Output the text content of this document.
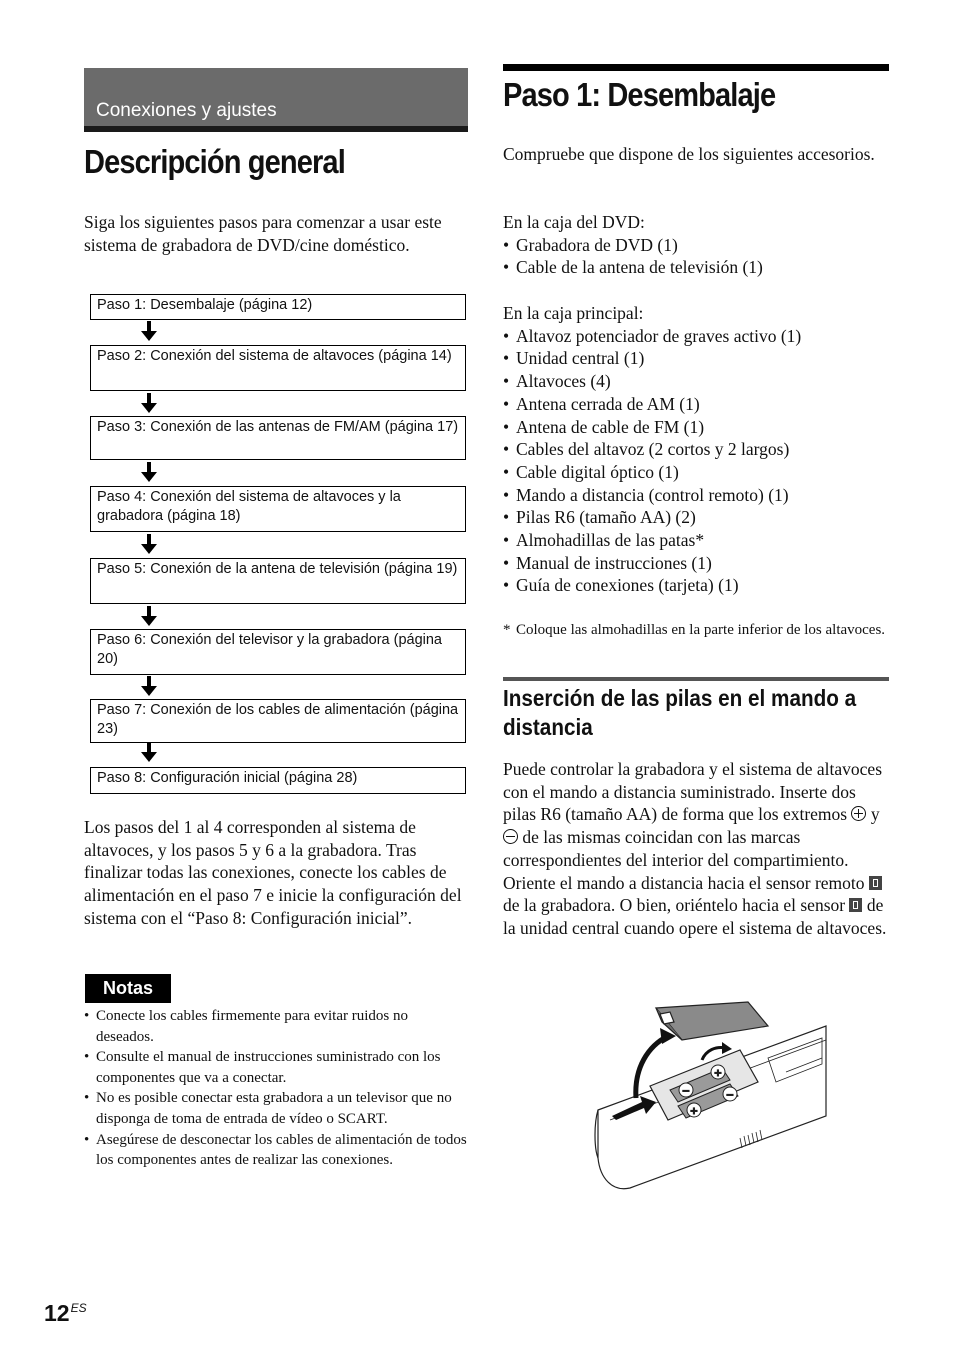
Conexiones y ajustes
Descripción general
Siga los siguientes pasos para comenzar a usar este sistema de grabadora de DVD/cine doméstico.
Paso 1: Desembalaje (página 12)
Paso 2: Conexión del sistema de altavoces (página 14)
Paso 3: Conexión de las antenas de FM/AM (página 17)
Paso 4: Conexión del sistema de altavoces y la grabadora (página 18)
Paso 5: Conexión de la antena de televisión (página 19)
Paso 6: Conexión del televisor y la grabadora (página 20)
Paso 7: Conexión de los cables de alimentación (página 23)
Paso 8: Configuración inicial (página 28)
Los pasos del 1 al 4 corresponden al sistema de altavoces, y los pasos 5 y 6 a la grabadora. Tras finalizar todas las conexiones, conecte los cables de alimentación en el paso 7 e inicie la configuración del sistema con el “Paso 8: Configuración inicial”.
Notas
• Conecte los cables firmemente para evitar ruidos no deseados.
• Consulte el manual de instrucciones suministrado con los componentes que va a conectar.
• No es posible conectar esta grabadora a un televisor que no disponga de toma de entrada de vídeo o SCART.
• Asegúrese de desconectar los cables de alimentación de todos los componentes antes de realizar las conexiones.
Paso 1: Desembalaje
Compruebe que dispone de los siguientes accesorios.
En la caja del DVD:
• Grabadora de DVD (1)
• Cable de la antena de televisión (1)
En la caja principal:
• Altavoz potenciador de graves activo (1)
• Unidad central (1)
• Altavoces (4)
• Antena cerrada de AM (1)
• Antena de cable de FM (1)
• Cables del altavoz (2 cortos y 2 largos)
• Cable digital óptico (1)
• Mando a distancia (control remoto) (1)
• Pilas R6 (tamaño AA) (2)
• Almohadillas de las patas*
• Manual de instrucciones (1)
• Guía de conexiones (tarjeta) (1)
* Coloque las almohadillas en la parte inferior de los altavoces.
Inserción de las pilas en el mando a distancia
Puede controlar la grabadora y el sistema de altavoces con el mando a distancia suministrado. Inserte dos pilas R6 (tamaño AA) de forma que los extremos y
de las mismas coincidan con las marcas correspondientes del interior del compartimiento.
Oriente el mando a distancia hacia el sensor remoto  de la grabadora. O bien, oriéntelo hacia el sensor de la unidad central cuando opere el sistema de altavoces.
−
+
+
−
$12^{ES}$
